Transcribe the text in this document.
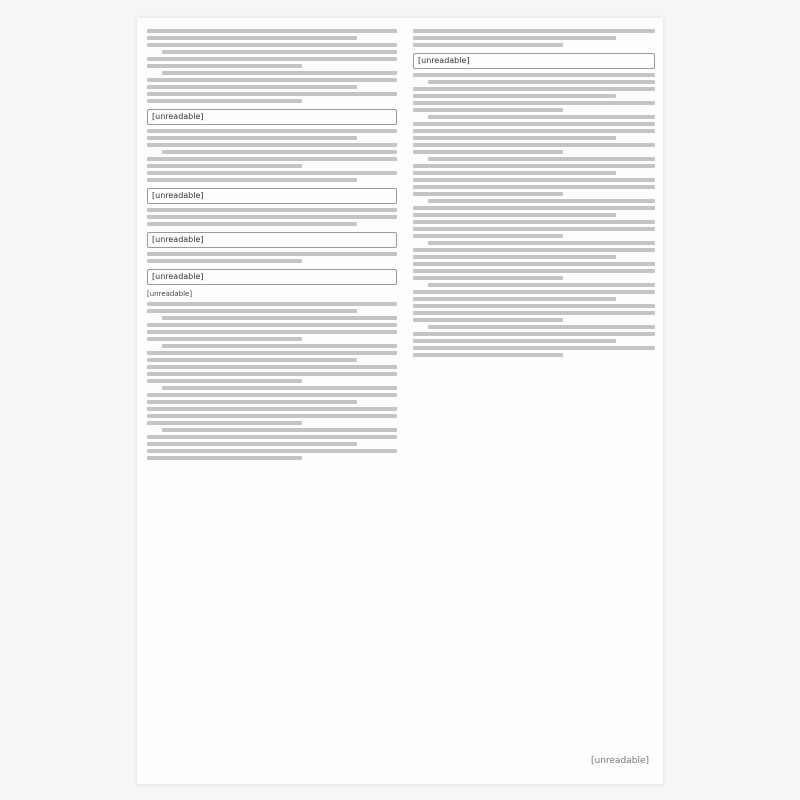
[unreadable]
[unreadable]
[unreadable]
[unreadable]
[unreadable]
[unreadable]
[unreadable]
